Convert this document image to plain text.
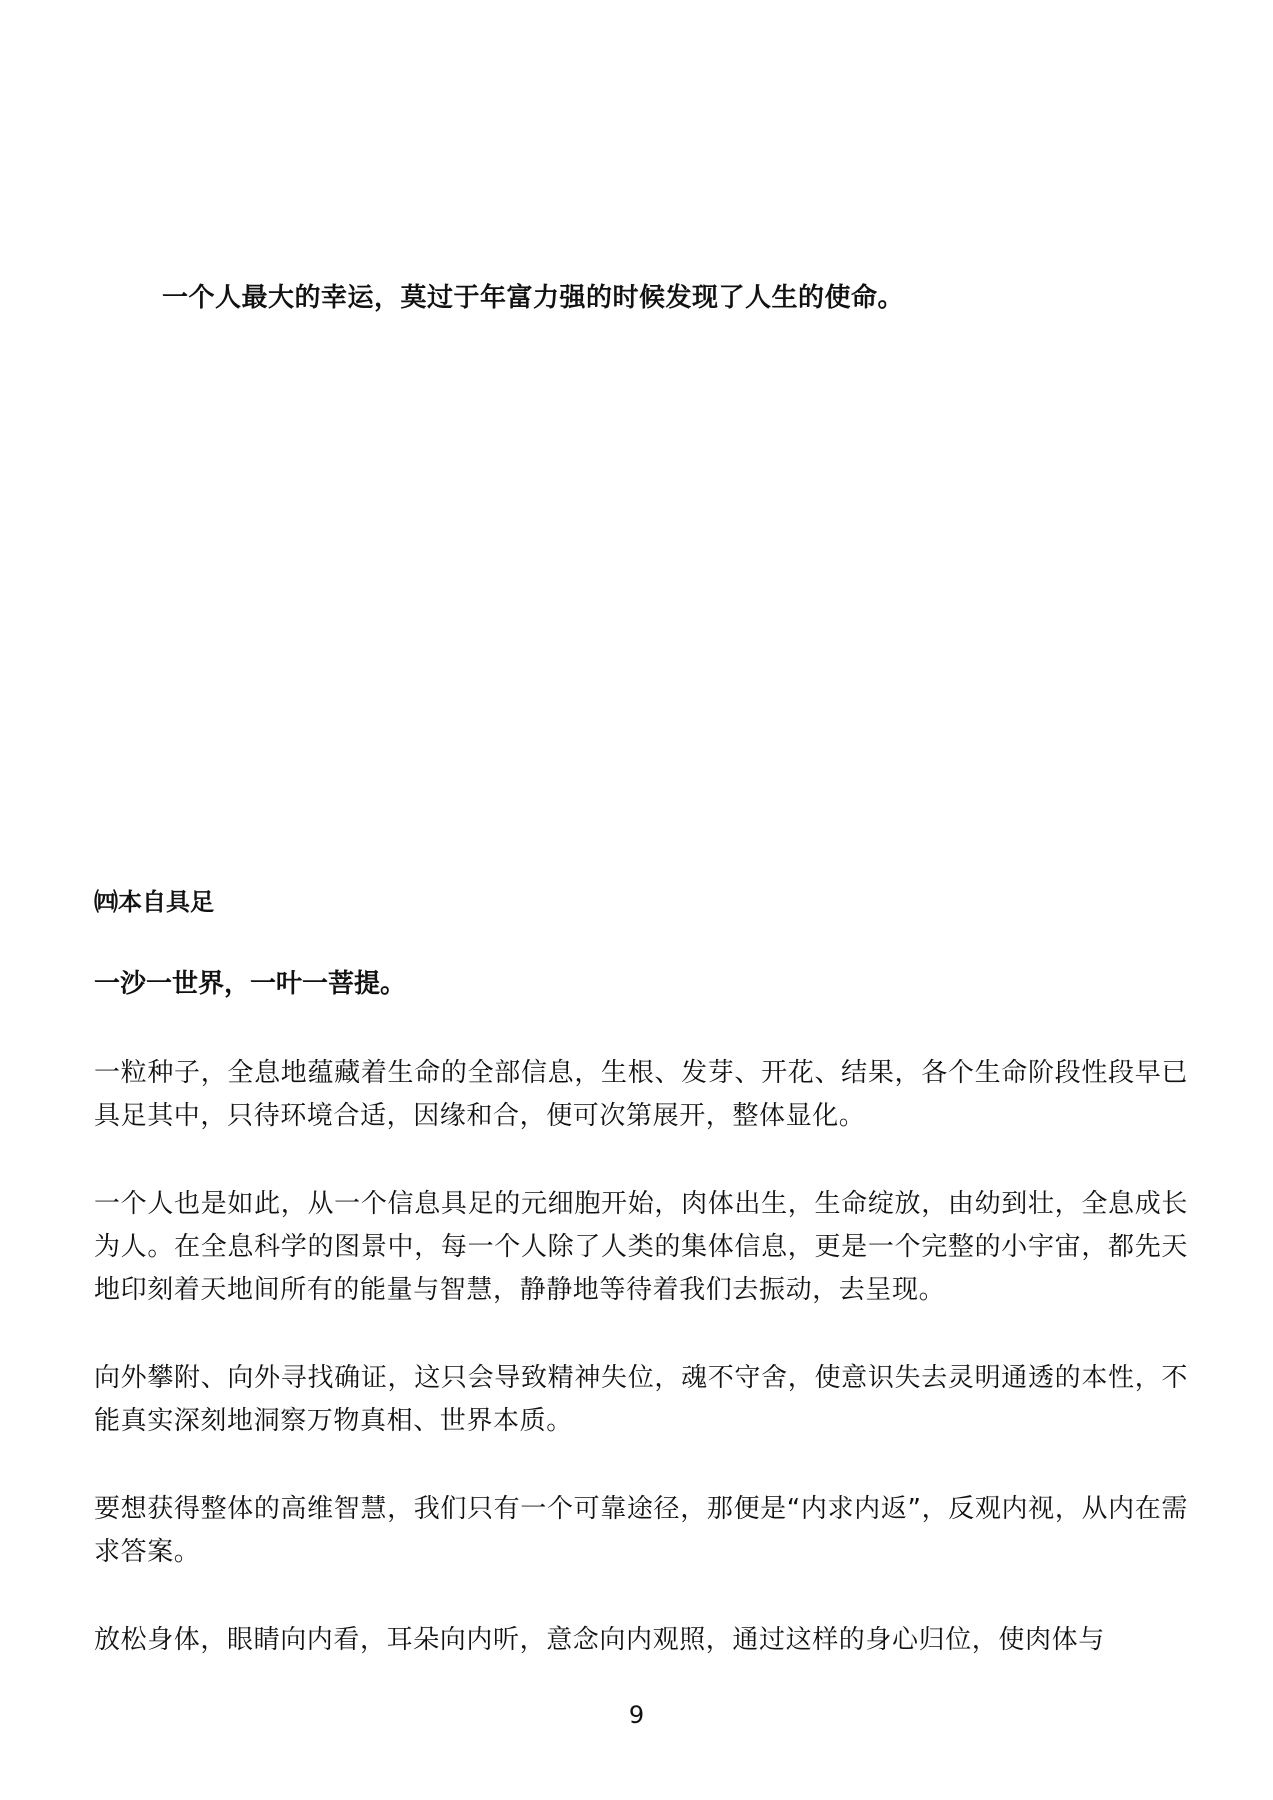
一个人最大的幸运，莫过于年富力强的时候发现了人生的使命。
㈣本自具足
一沙一世界，一叶一菩提。

一粒种子，全息地蕴藏着生命的全部信息，生根、发芽、开花、结果，各个生命阶段性段早已具足其中，只待环境合适，因缘和合，便可次第展开，整体显化。

一个人也是如此，从一个信息具足的元细胞开始，肉体出生，生命绽放，由幼到壮，全息成长为人。在全息科学的图景中，每一个人除了人类的集体信息，更是一个完整的小宇宙，都先天地印刻着天地间所有的能量与智慧，静静地等待着我们去振动，去呈现。

向外攀附、向外寻找确证，这只会导致精神失位，魂不守舍，使意识失去灵明通透的本性，不能真实深刻地洞察万物真相、世界本质。

要想获得整体的高维智慧，我们只有一个可靠途径，那便是“内求内返”，反观内视，从内在需求答案。

放松身体，眼睛向内看，耳朵向内听，意念向内观照，通过这样的身心归位，使肉体与

9
